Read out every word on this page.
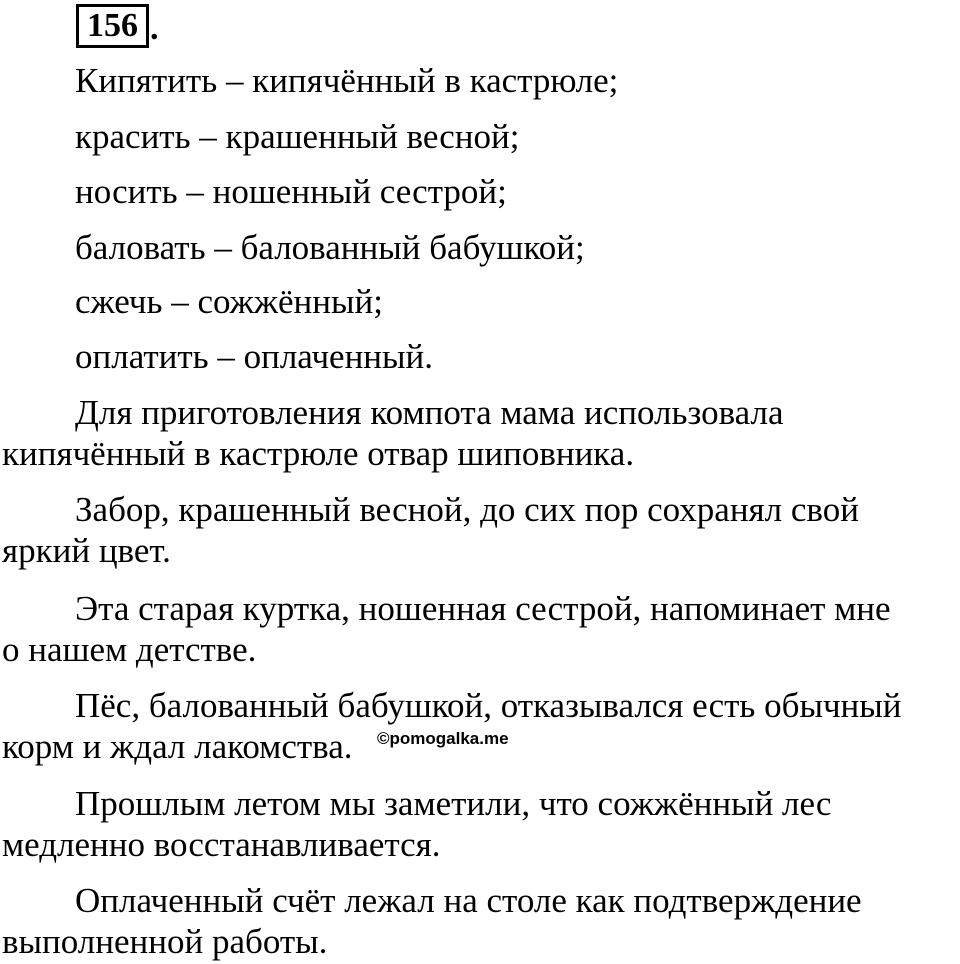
156 .
Кипятить – кипячённый в кастрюле;
красить – крашенный весной;
носить – ношенный сестрой;
баловать – балованный бабушкой;
сжечь – сожжённый;
оплатить – оплаченный.
Для приготовления компота мама использовала
кипячённый в кастрюле отвар шиповника.
Забор, крашенный весной, до сих пор сохранял свой
яркий цвет.
Эта старая куртка, ношенная сестрой, напоминает мне
о нашем детстве.
Пёс, балованный бабушкой, отказывался есть обычный
корм и ждал лакомства. ©pomogalka.me
Прошлым летом мы заметили, что сожжённый лес
медленно восстанавливается.
Оплаченный счёт лежал на столе как подтверждение
выполненной работы.
